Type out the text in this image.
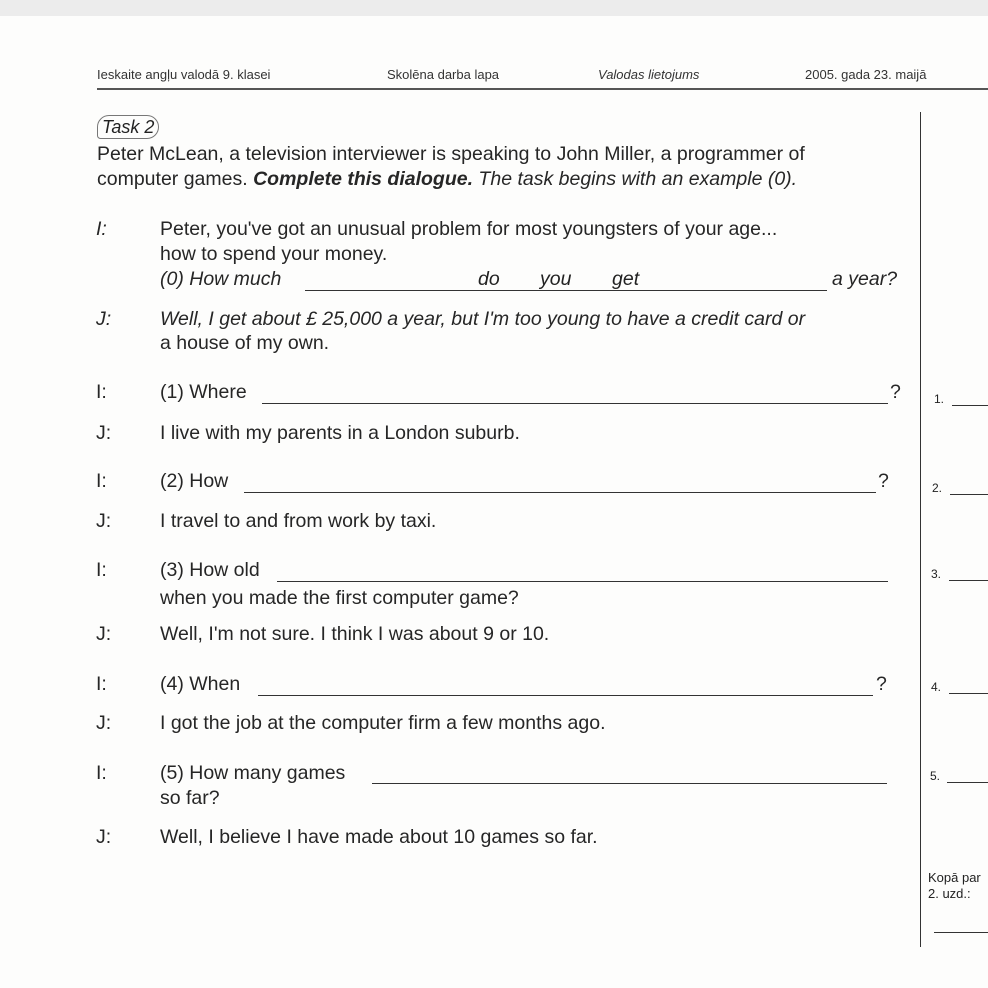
Ieskaite angļu valodā 9. klasei	Skolēna darba lapa	Valodas lietojums	2005. gada 23. maijā
Task 2
Peter McLean, a television interviewer is speaking to John Miller, a programmer of
computer games. Complete this dialogue. The task begins with an example (0).
I:	Peter, you've got an unusual problem for most youngsters of your age...
how to spend your money.
(0) How much	do you get	a year?
J:	Well, I get about £ 25,000 a year, but I'm too young to have a credit card or
a house of my own.
I:	(1) Where	?
J:	I live with my parents in a London suburb.
I:	(2) How	?
J:	I travel to and from work by taxi.
I:	(3) How old
when you made the first computer game?
J:	Well, I'm not sure. I think I was about 9 or 10.
I:	(4) When	?
J:	I got the job at the computer firm a few months ago.
I:	(5) How many games
so far?
J:	Well, I believe I have made about 10 games so far.
1.
2.
3.
4.
5.
Kopā par
2. uzd.:
